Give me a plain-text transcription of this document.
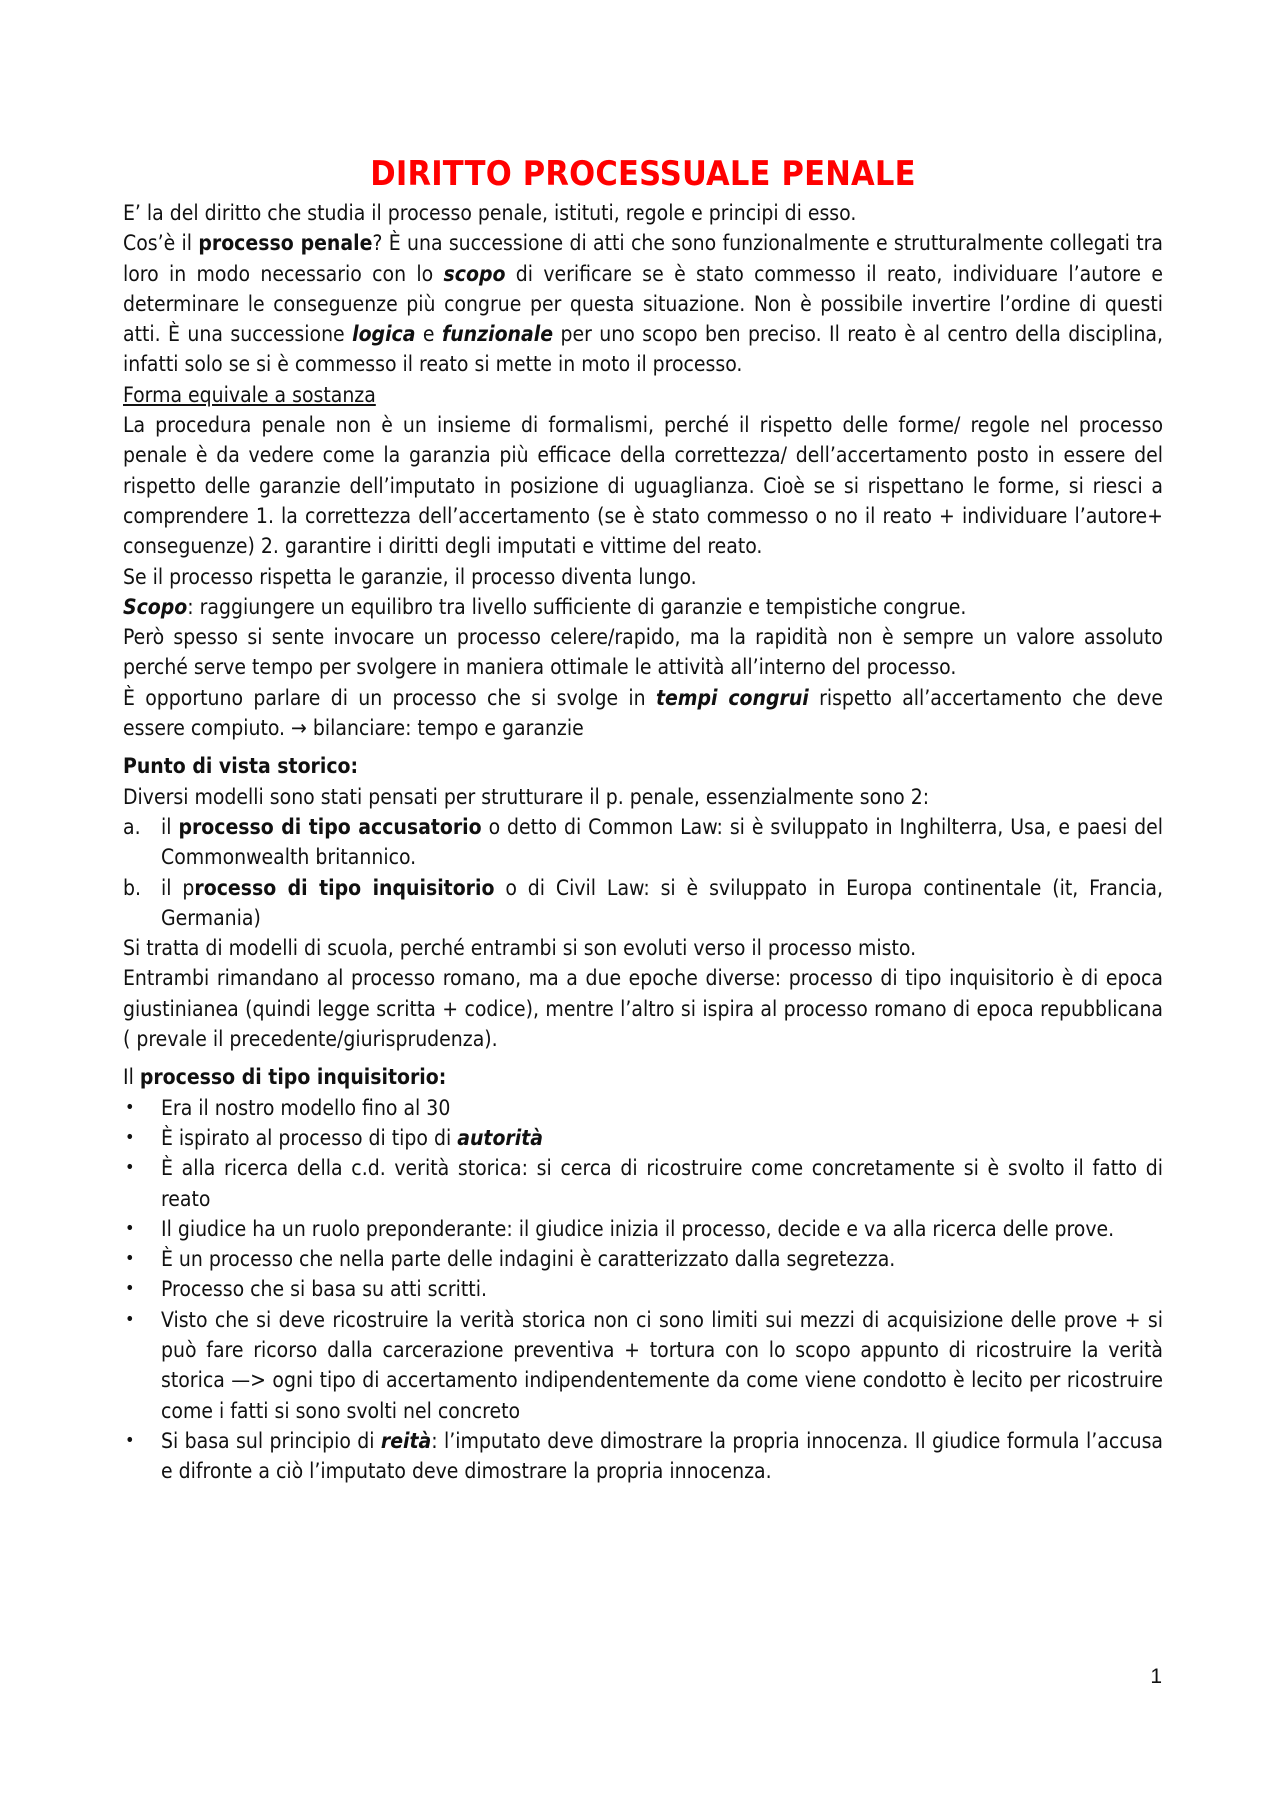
DIRITTO PROCESSUALE PENALE

E’ la del diritto che studia il processo penale, istituti, regole e principi di esso.

Cos’è il processo penale? È una successione di atti che sono funzionalmente e strutturalmente collegati tra loro in modo necessario con lo scopo di verificare se è stato commesso il reato, individuare l’autore e determinare le conseguenze più congrue per questa situazione. Non è possibile invertire l’ordine di questi atti. È una successione logica e funzionale per uno scopo ben preciso. Il reato è al centro della disciplina, infatti solo se si è commesso il reato si mette in moto il processo.

Forma equivale a sostanza

La procedura penale non è un insieme di formalismi, perché il rispetto delle forme/ regole nel processo penale è da vedere come la garanzia più efficace della correttezza/ dell’accertamento posto in essere del rispetto delle garanzie dell’imputato in posizione di uguaglianza. Cioè se si rispettano le forme, si riesci a comprendere 1. la correttezza dell’accertamento (se è stato commesso o no il reato + individuare l’autore+ conseguenze) 2. garantire i diritti degli imputati e vittime del reato.

Se il processo rispetta le garanzie, il processo diventa lungo.

Scopo: raggiungere un equilibro tra livello sufficiente di garanzie e tempistiche congrue.

Però spesso si sente invocare un processo celere/rapido, ma la rapidità non è sempre un valore assoluto perché serve tempo per svolgere in maniera ottimale le attività all’interno del processo.

È opportuno parlare di un processo che si svolge in tempi congrui rispetto all’accertamento che deve essere compiuto. → bilanciare: tempo e garanzie

Punto di vista storico:

Diversi modelli sono stati pensati per strutturare il p. penale, essenzialmente sono 2:

a. il processo di tipo accusatorio o detto di Common Law: si è sviluppato in Inghilterra, Usa, e paesi del Commonwealth britannico.
b. il processo di tipo inquisitorio o di Civil Law: si è sviluppato in Europa continentale (it, Francia, Germania)

Si tratta di modelli di scuola, perché entrambi si son evoluti verso il processo misto.

Entrambi rimandano al processo romano, ma a due epoche diverse: processo di tipo inquisitorio è di epoca giustinianea (quindi legge scritta + codice), mentre l’altro si ispira al processo romano di epoca repubblicana ( prevale il precedente/giurisprudenza).

Il processo di tipo inquisitorio:

• Era il nostro modello fino al 30
• È ispirato al processo di tipo di autorità
• È alla ricerca della c.d. verità storica: si cerca di ricostruire come concretamente si è svolto il fatto di reato
• Il giudice ha un ruolo preponderante: il giudice inizia il processo, decide e va alla ricerca delle prove.
• È un processo che nella parte delle indagini è caratterizzato dalla segretezza.
• Processo che si basa su atti scritti.
• Visto che si deve ricostruire la verità storica non ci sono limiti sui mezzi di acquisizione delle prove + si può fare ricorso dalla carcerazione preventiva + tortura con lo scopo appunto di ricostruire la verità storica —> ogni tipo di accertamento indipendentemente da come viene condotto è lecito per ricostruire come i fatti si sono svolti nel concreto
• Si basa sul principio di reità: l’imputato deve dimostrare la propria innocenza. Il giudice formula l’accusa e difronte a ciò l’imputato deve dimostrare la propria innocenza.
1
